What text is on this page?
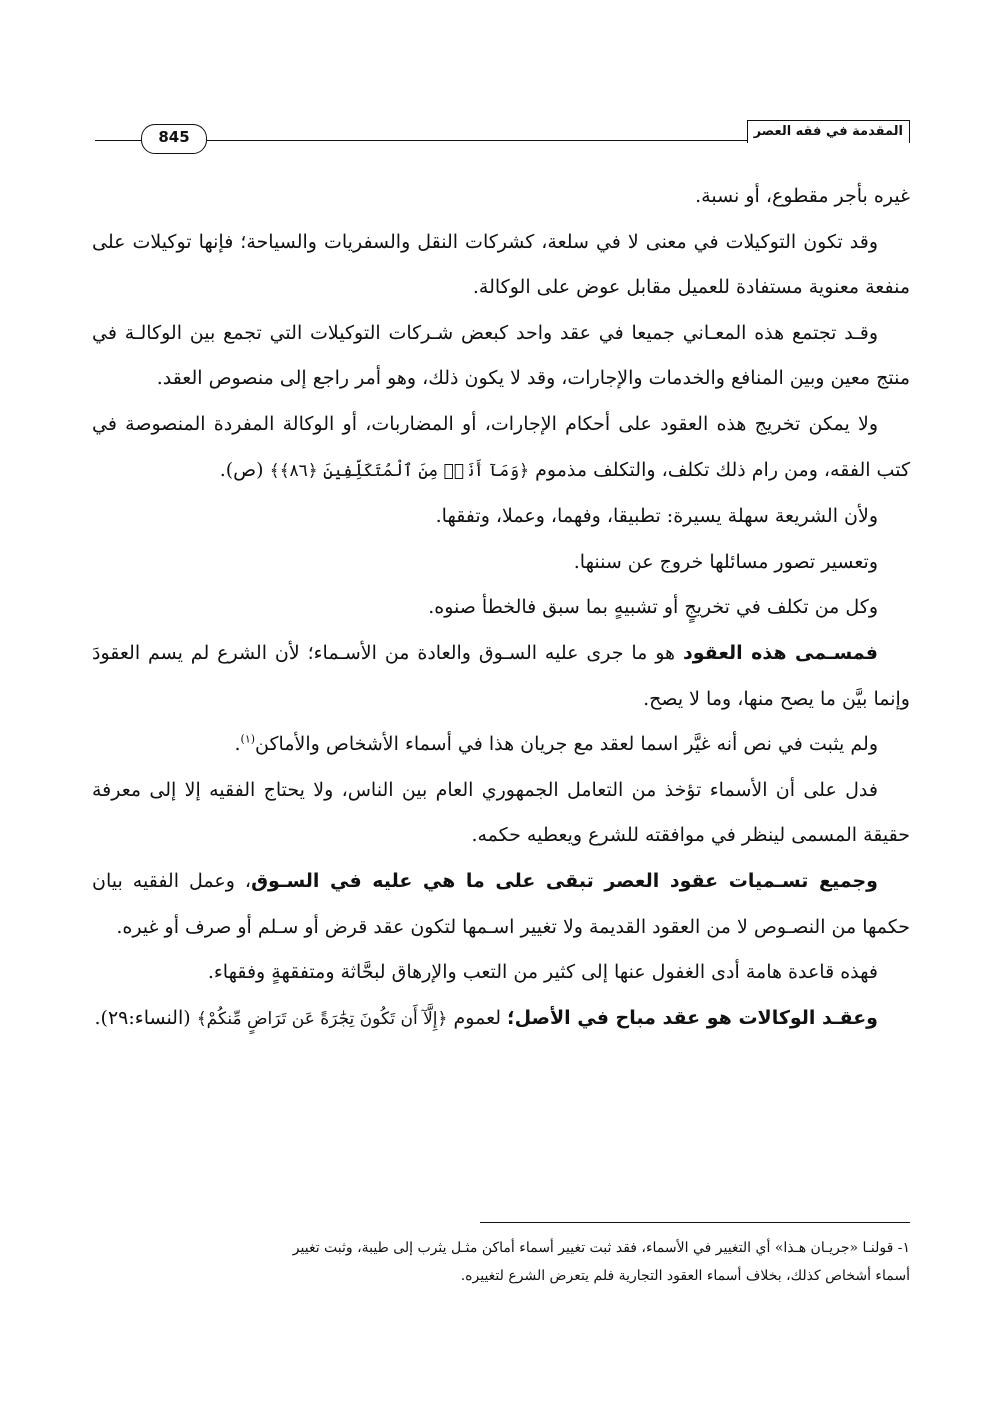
845	المقدمة في فقه العصر

غيره بأجر مقطوع، أو نسبة.

وقد تكون التوكيلات في معنى لا في سلعة، كشركات النقل والسفريات والسياحة؛ فإنها توكيلات على منفعة معنوية مستفادة للعميل مقابل عوض على الوكالة.

وقـد تجتمع هذه المعـاني جميعا في عقد واحد كبعض شـركات التوكيلات التي تجمع بين الوكالـة في منتج معين وبين المنافع والخدمات والإجارات، وقد لا يكون ذلك، وهو أمر راجع إلى منصوص العقد.

ولا يمكن تخريج هذه العقود على أحكام الإجارات، أو المضاربات، أو الوكالة المفردة المنصوصة في كتب الفقه، ومن رام ذلك تكلف، والتكلف مذموم ﴿وَمَآ أَنَا۠ مِنَ ٱلْمُتَكَلِّفِينَ ﴿٨٦﴾﴾ (ص).

ولأن الشريعة سهلة يسيرة: تطبيقا، وفهما، وعملا، وتفقها.

وتعسير تصور مسائلها خروج عن سننها.

وكل من تكلف في تخريجٍ أو تشبيهٍ بما سبق فالخطأ صنوه.

فمسـمى هذه العقود هو ما جرى عليه السـوق والعادة من الأسـماء؛ لأن الشرع لم يسم العقودَ وإنما بيَّن ما يصح منها، وما لا يصح.

ولم يثبت في نص أنه غيَّر اسما لعقد مع جريان هذا في أسماء الأشخاص والأماكن$^{(١)}$.

فدل على أن الأسماء تؤخذ من التعامل الجمهوري العام بين الناس، ولا يحتاج الفقيه إلا إلى معرفة حقيقة المسمى لينظر في موافقته للشرع ويعطيه حكمه.

وجميع تسـميات عقود العصر تبقى على ما هي عليه في السـوق، وعمل الفقيه بيان حكمها من النصـوص لا من العقود القديمة ولا تغيير اسـمها لتكون عقد قرض أو سـلم أو صرف أو غيره.

فهذه قاعدة هامة أدى الغفول عنها إلى كثير من التعب والإرهاق لبحَّاثة ومتفقهةٍ وفقهاء.

وعقـد الوكالات هو عقد مباح في الأصل؛ لعموم ﴿إِلَّآ أَن تَكُونَ تِجَٰرَةً عَن تَرَاضٍ مِّنكُمْ﴾ (النساء:٢٩).

١- قولنـا «جريـان هـذا» أي التغيير في الأسماء، فقد ثبت تغيير أسماء أماكن مثـل يثرب إلى طيبة، وثبت تغيير

أسماء أشخاص كذلك، بخلاف أسماء العقود التجارية فلم يتعرض الشرع لتغييره.
